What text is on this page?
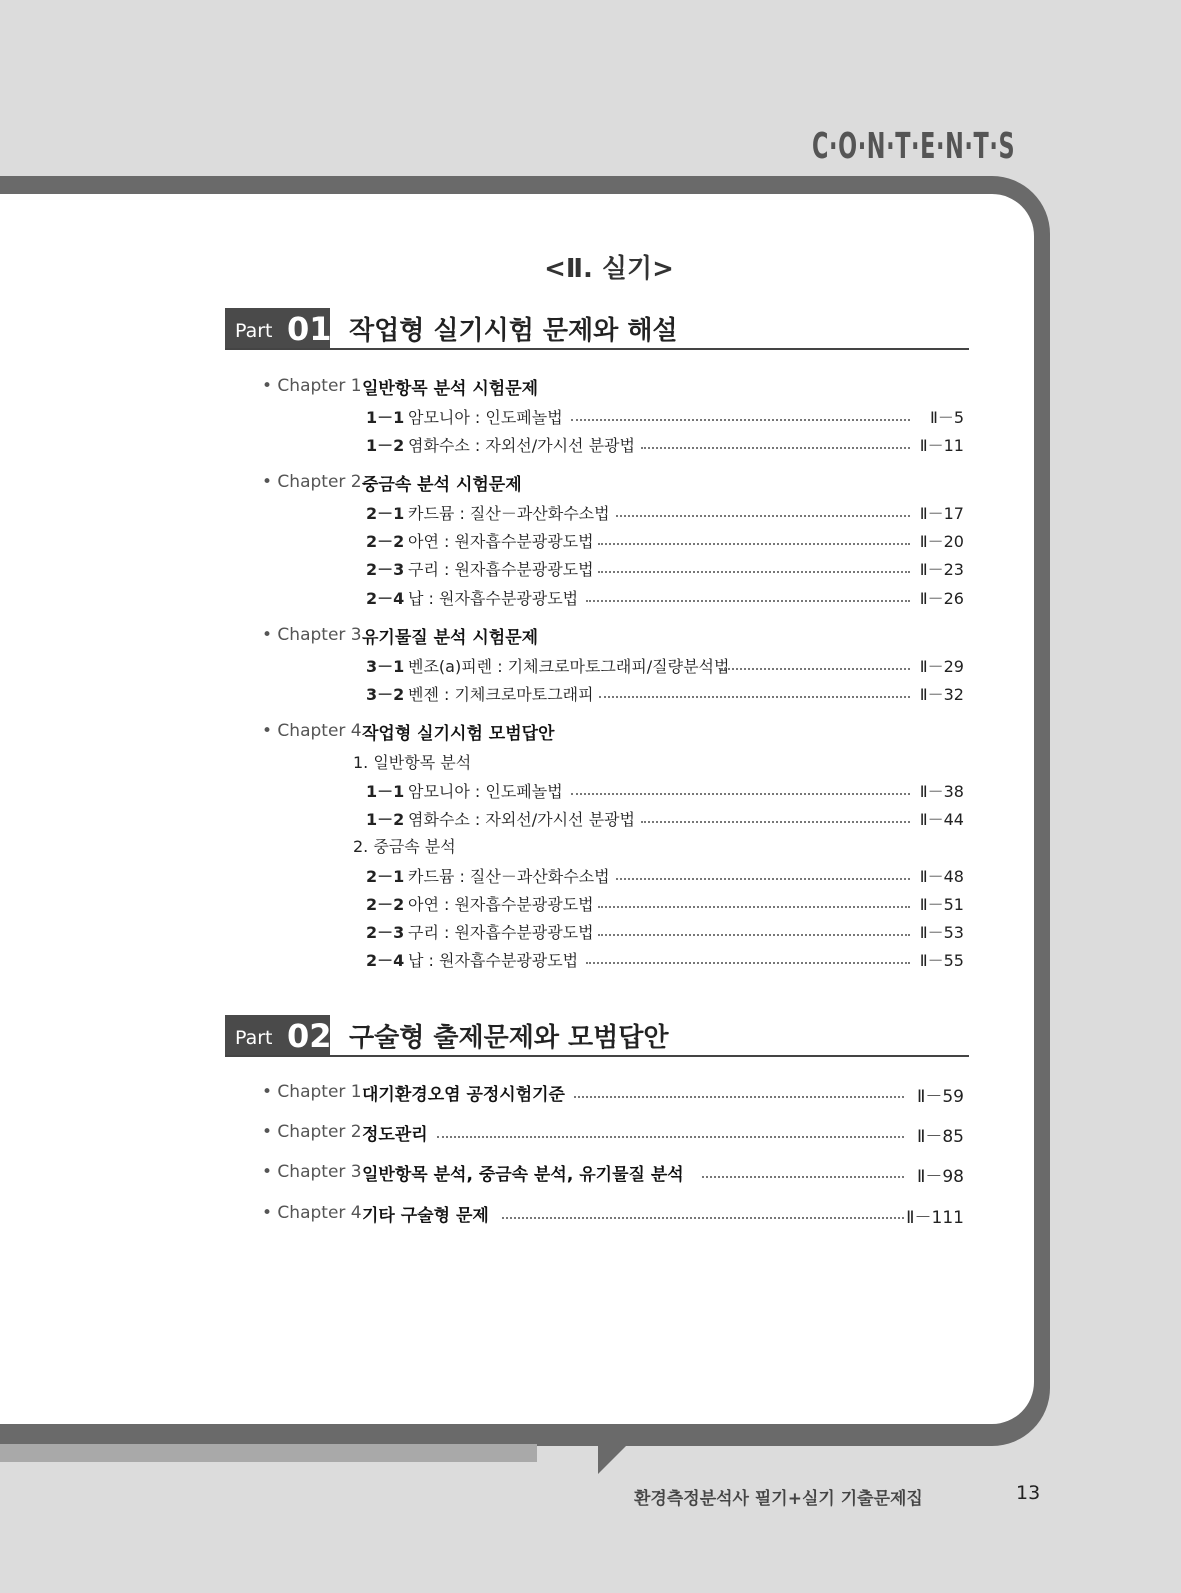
C·O·N·T·E·N·T·S
<Ⅱ. 실기>
Part 01 작업형 실기시험 문제와 해설
• Chapter 1 일반항목 분석 시험문제
1－1 암모니아 : 인도페놀법	Ⅱ－5
1－2 염화수소 : 자외선/가시선 분광법	Ⅱ－11
• Chapter 2 중금속 분석 시험문제
2－1 카드뮴 : 질산－과산화수소법	Ⅱ－17
2－2 아연 : 원자흡수분광광도법	Ⅱ－20
2－3 구리 : 원자흡수분광광도법	Ⅱ－23
2－4 납 : 원자흡수분광광도법	Ⅱ－26
• Chapter 3 유기물질 분석 시험문제
3－1 벤조(a)피렌 : 기체크로마토그래피/질량분석법	Ⅱ－29
3－2 벤젠 : 기체크로마토그래피	Ⅱ－32
• Chapter 4 작업형 실기시험 모범답안
1. 일반항목 분석
1－1 암모니아 : 인도페놀법	Ⅱ－38
1－2 염화수소 : 자외선/가시선 분광법	Ⅱ－44
2. 중금속 분석
2－1 카드뮴 : 질산－과산화수소법	Ⅱ－48
2－2 아연 : 원자흡수분광광도법	Ⅱ－51
2－3 구리 : 원자흡수분광광도법	Ⅱ－53
2－4 납 : 원자흡수분광광도법	Ⅱ－55
Part 02 구술형 출제문제와 모범답안
• Chapter 1 대기환경오염 공정시험기준	Ⅱ－59
• Chapter 2 정도관리	Ⅱ－85
• Chapter 3 일반항목 분석, 중금속 분석, 유기물질 분석	Ⅱ－98
• Chapter 4 기타 구술형 문제	Ⅱ－111
환경측정분석사 필기+실기 기출문제집	13
